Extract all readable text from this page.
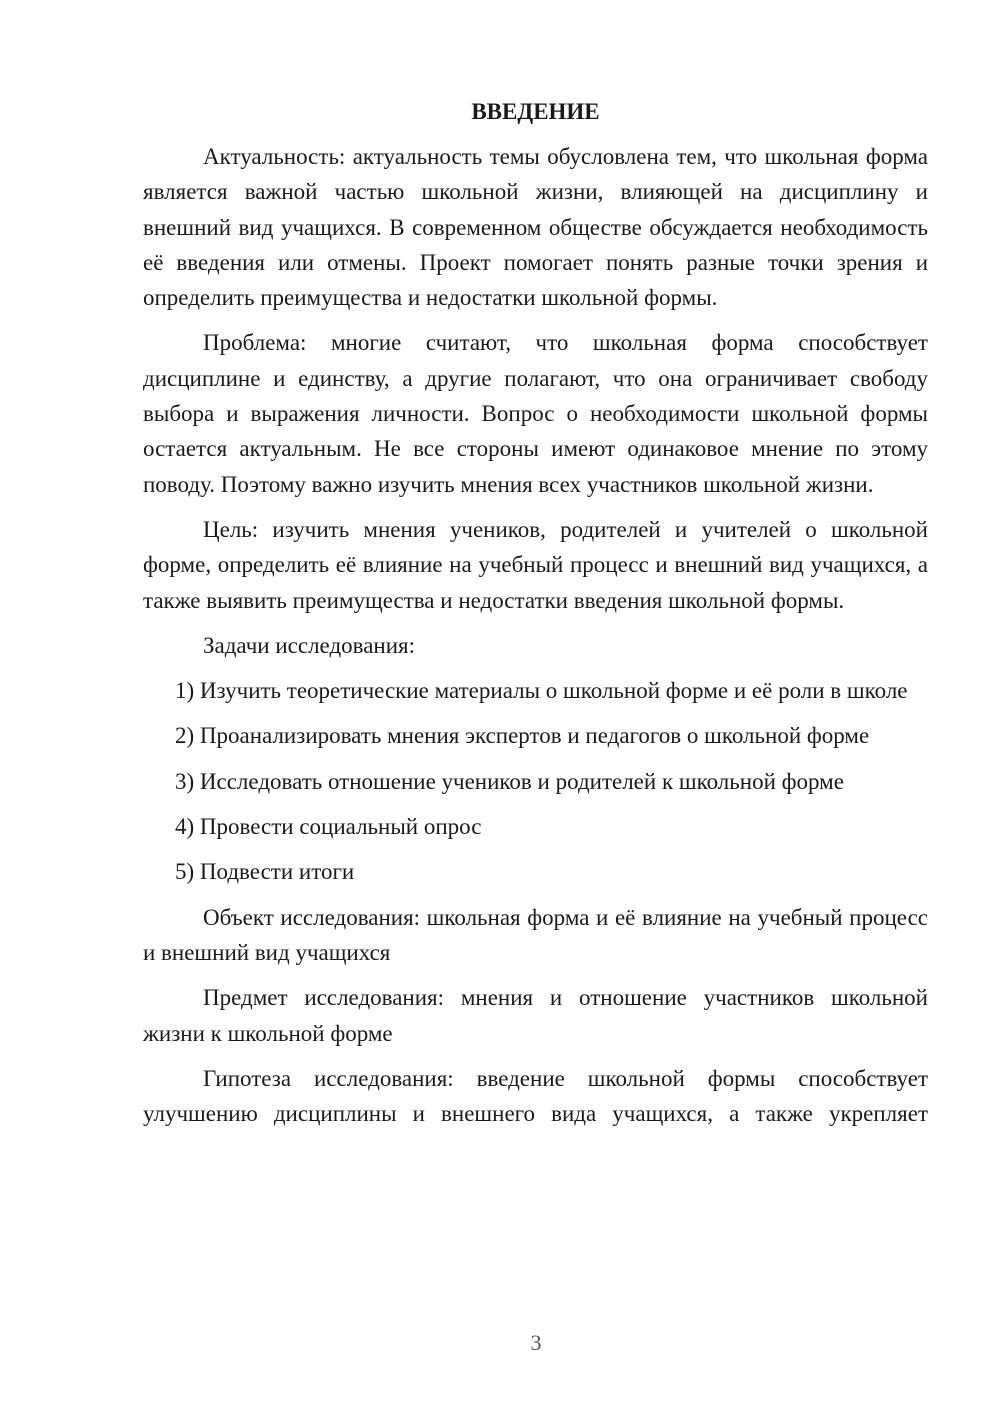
ВВЕДЕНИЕ

Актуальность: актуальность темы обусловлена тем, что школьная форма является важной частью школьной жизни, влияющей на дисциплину и внешний вид учащихся. В современном обществе обсуждается необходимость её введения или отмены. Проект помогает понять разные точки зрения и определить преимущества и недостатки школьной формы.

Проблема: многие считают, что школьная форма способствует дисциплине и единству, а другие полагают, что она ограничивает свободу выбора и выражения личности. Вопрос о необходимости школьной формы остается актуальным. Не все стороны имеют одинаковое мнение по этому поводу. Поэтому важно изучить мнения всех участников школьной жизни.

Цель: изучить мнения учеников, родителей и учителей о школьной форме, определить её влияние на учебный процесс и внешний вид учащихся, а также выявить преимущества и недостатки введения школьной формы.

Задачи исследования:

1) Изучить теоретические материалы о школьной форме и её роли в школе

2) Проанализировать мнения экспертов и педагогов о школьной форме

3) Исследовать отношение учеников и родителей к школьной форме

4) Провести социальный опрос

5) Подвести итоги

Объект исследования: школьная форма и её влияние на учебный процесс и внешний вид учащихся

Предмет исследования: мнения и отношение участников школьной жизни к школьной форме

Гипотеза исследования: введение школьной формы способствует улучшению дисциплины и внешнего вида учащихся, а также укрепляет

3
